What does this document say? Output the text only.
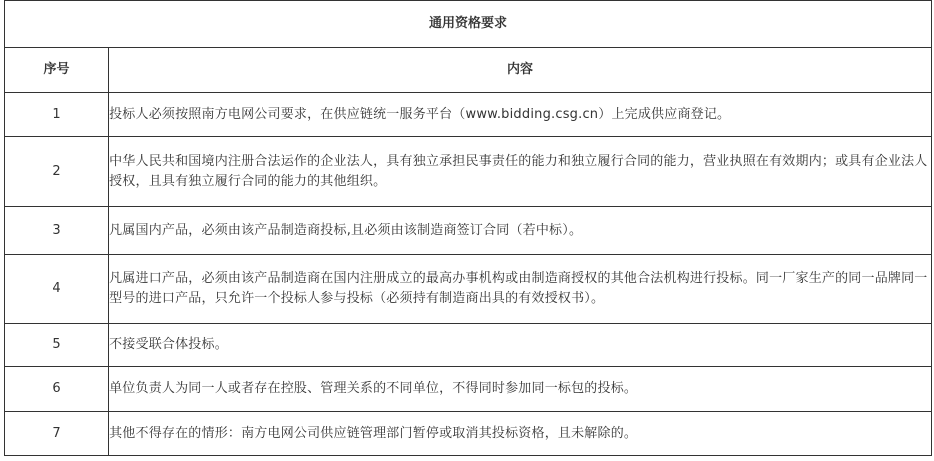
通用资格要求	
序号	内容
1	投标人必须按照南方电网公司要求，在供应链统一服务平台（www.bidding.csg.cn）上完成供应商登记。
2	中华人民共和国境内注册合法运作的企业法人，具有独立承担民事责任的能力和独立履行合同的能力，营业执照在有效期内；或具有企业法人授权，且具有独立履行合同的能力的其他组织。
3	凡属国内产品，必须由该产品制造商投标,且必须由该制造商签订合同（若中标）。
4	凡属进口产品，必须由该产品制造商在国内注册成立的最高办事机构或由制造商授权的其他合法机构进行投标。同一厂家生产的同一品牌同一型号的进口产品，只允许一个投标人参与投标（必须持有制造商出具的有效授权书）。
5	不接受联合体投标。
6	单位负责人为同一人或者存在控股、管理关系的不同单位，不得同时参加同一标包的投标。
7	其他不得存在的情形：南方电网公司供应链管理部门暂停或取消其投标资格，且未解除的。
